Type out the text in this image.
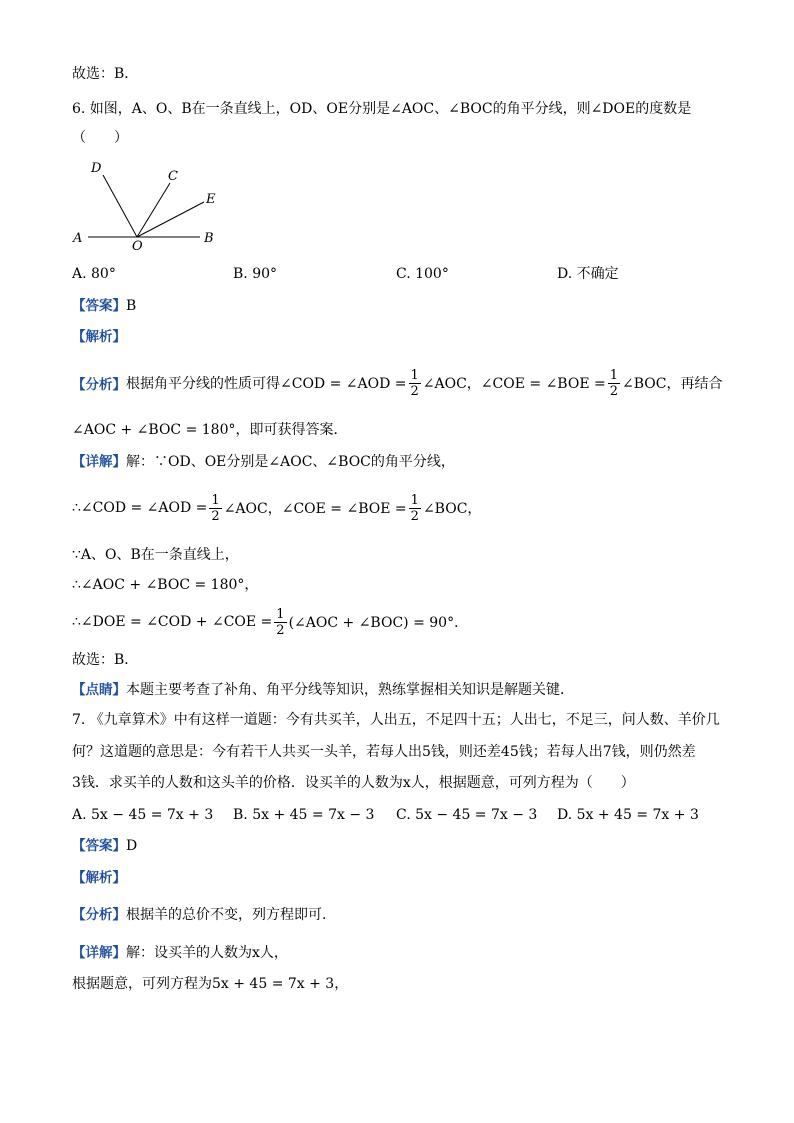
故选：B．
6. 如图，A、O、B在一条直线上，OD、OE分别是∠AOC、∠BOC的角平分线，则∠DOE的度数是
（　　）
D
C
E
A
O
B
A. 80°	B. 90°	C. 100°	D. 不确定
【答案】B
【解析】
【分析】 根据角平分线的性质可得∠COD = ∠AOD = $\frac{1}{2}$ ∠AOC，∠COE = ∠BOE = $\frac{1}{2}$ ∠BOC，再结合
∠AOC + ∠BOC = 180°，即可获得答案．
【详解】解：∵OD、OE分别是∠AOC、∠BOC的角平分线，
∴∠COD = ∠AOD = $\frac{1}{2}$ ∠AOC，∠COE = ∠BOE = $\frac{1}{2}$ ∠BOC，
∵A、O、B在一条直线上，
∴∠AOC + ∠BOC = 180°，
∴∠DOE = ∠COD + ∠COE = $\frac{1}{2}$ (∠AOC + ∠BOC) = 90°．
故选：B．
【点睛】本题主要考查了补角、角平分线等知识，熟练掌握相关知识是解题关键．
7. 《九章算术》中有这样一道题：今有共买羊，人出五，不足四十五；人出七，不足三，问人数、羊价几
何？这道题的意思是：今有若干人共买一头羊，若每人出5钱，则还差45钱；若每人出7钱，则仍然差
3钱．求买羊的人数和这头羊的价格．设买羊的人数为x人，根据题意，可列方程为（　　）
A. 5x − 45 = 7x + 3 B. 5x + 45 = 7x − 3 C. 5x − 45 = 7x − 3 D. 5x + 45 = 7x + 3
【答案】D
【解析】
【分析】根据羊的总价不变，列方程即可．
【详解】解：设买羊的人数为x人，
根据题意，可列方程为5x + 45 = 7x + 3，
